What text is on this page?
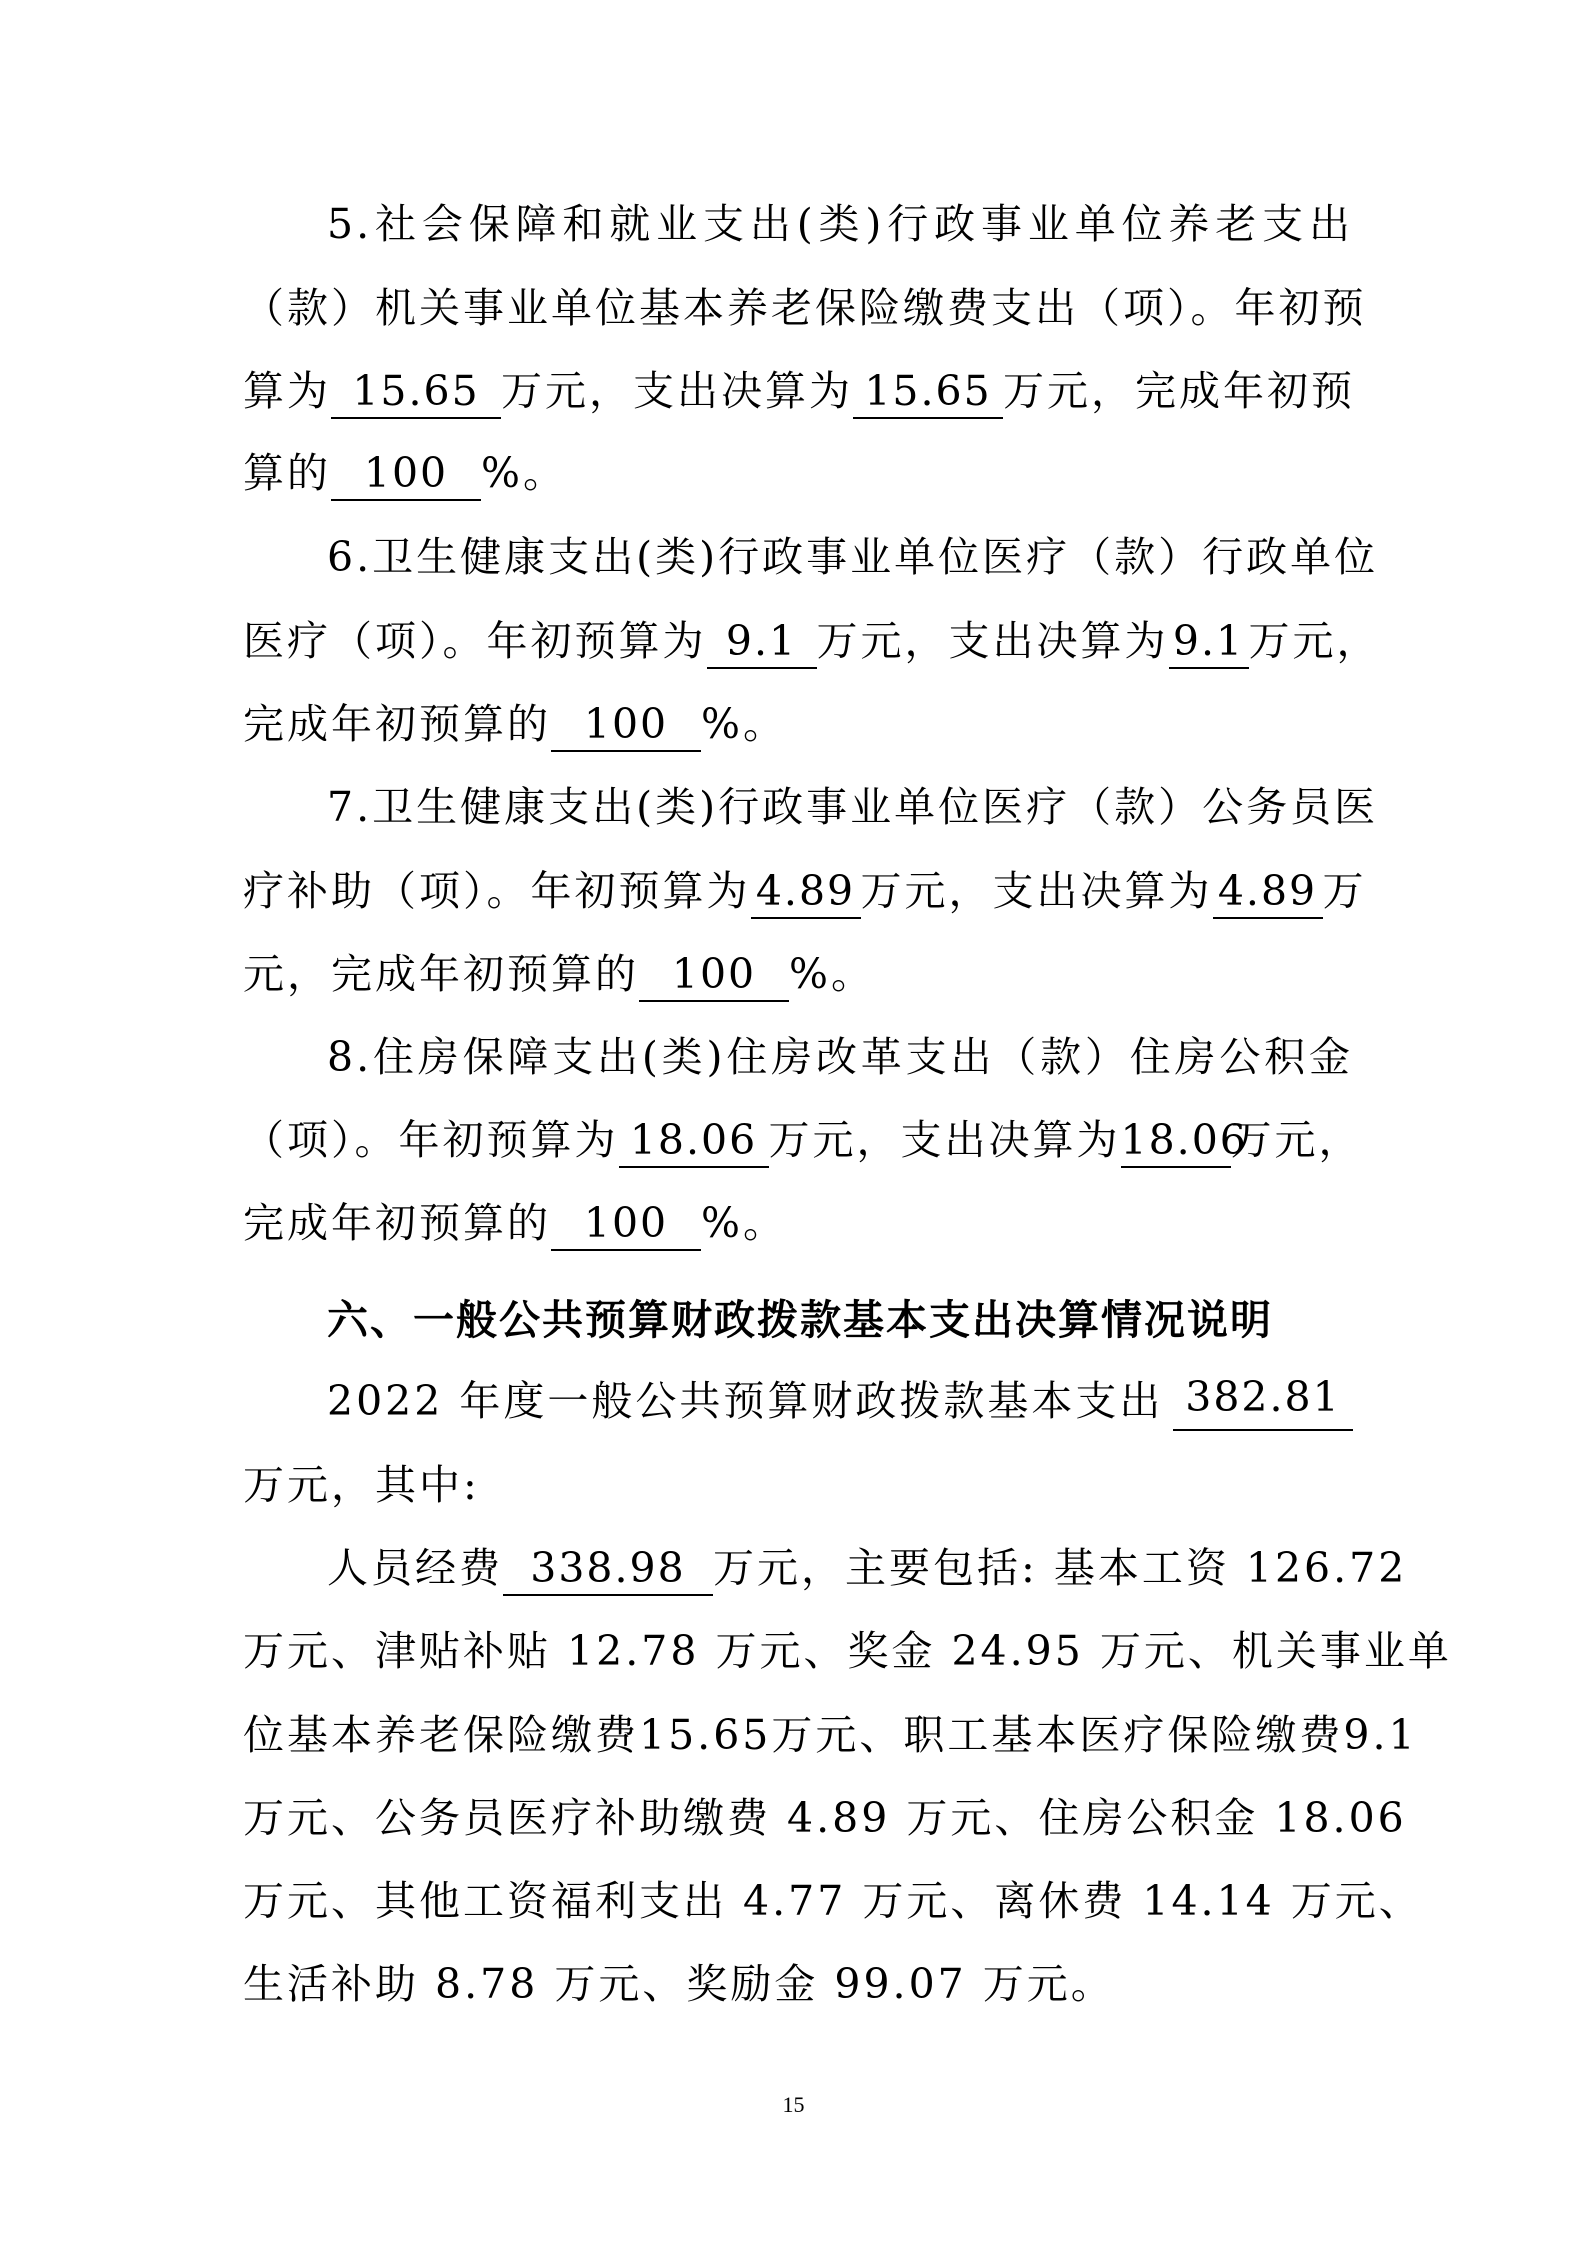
5.社会保障和就业支出(类)行政事业单位养老支出
（款）机关事业单位基本养老保险缴费支出（项）。年初预
算为 15.65 万元，支出决算为 15.65 万元，完成年初预
算的 100 %。
6.卫生健康支出(类)行政事业单位医疗（款）行政单位
医疗（项）。年初预算为 9.1 万元，支出决算为 9.1 万元，
完成年初预算的 100 %。
7.卫生健康支出(类)行政事业单位医疗（款）公务员医
疗补助（项）。年初预算为 4.89 万元，支出决算为 4.89 万
元，完成年初预算的 100 %。
8.住房保障支出(类)住房改革支出（款）住房公积金
（项）。年初预算为 18.06 万元，支出决算为18.06万元，
完成年初预算的 100 %。
六、一般公共预算财政拨款基本支出决算情况说明
2022 年度一般公共预算财政拨款基本支出 382.81
万元，其中:
人员经费 338.98 万元，主要包括: 基本工资 126.72
万元、津贴补贴 12.78 万元、奖金 24.95 万元、机关事业单
位基本养老保险缴费15.65万元、职工基本医疗保险缴费9.1
万元、公务员医疗补助缴费 4.89 万元、住房公积金 18.06
万元、其他工资福利支出 4.77 万元、离休费 14.14 万元、
生活补助 8.78 万元、奖励金 99.07 万元。
15
